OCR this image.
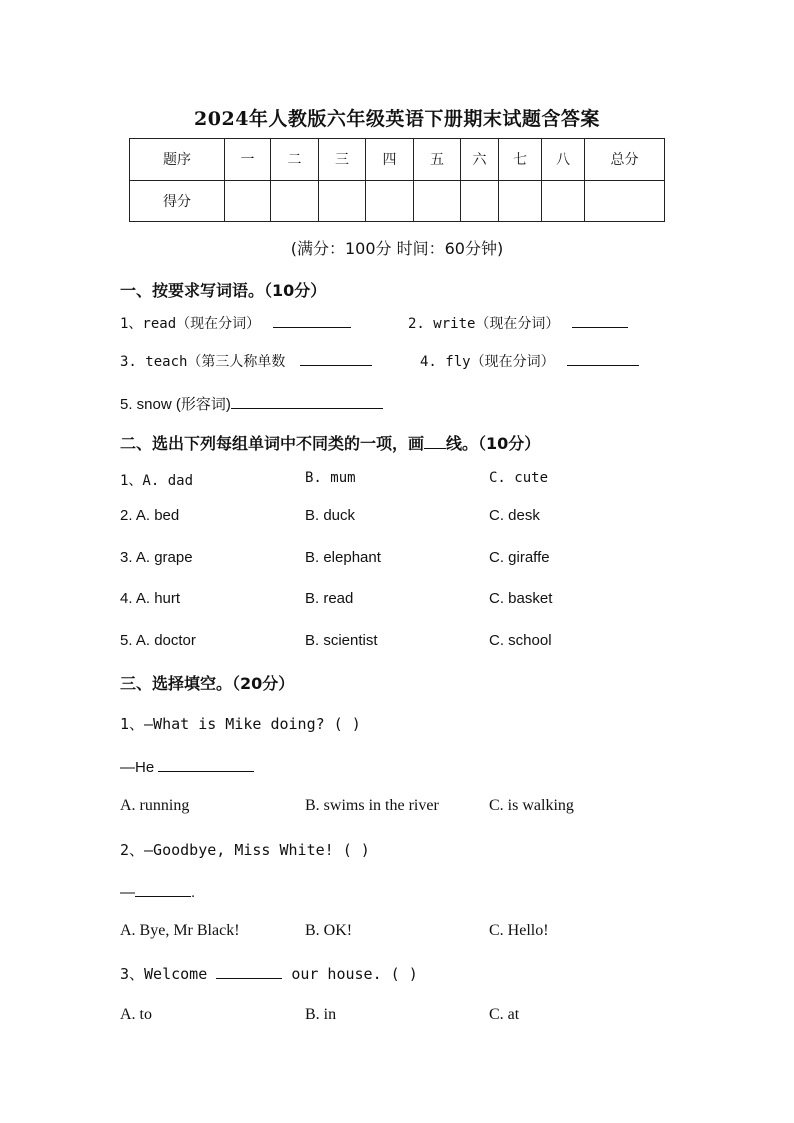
2024年人教版六年级英语下册期末试题含答案
题序	一	二	三	四	五	六	七	八	总分
得分									
(满分：100分 时间：60分钟)
一、按要求写词语。（10分）
1、read（现在分词）	2. write（现在分词）
3. teach（第三人称单数	4. fly（现在分词）
5. snow (形容词)
二、选出下列每组单词中不同类的一项，画 线。（10分）
1、A. dad	B. mum	C. cute
2. A. bed	B. duck	C. desk
3. A. grape	B. elephant	C. giraffe
4. A. hurt	B. read	C. basket
5. A. doctor	B. scientist	C. school
三、选择填空。（20分）
1、—What is Mike doing? ( )
—He
A. running	B. swims in the river	C. is walking
2、—Goodbye, Miss White! ( )
—	.
A. Bye, Mr Black!	B. OK!	C. Hello!
3、Welcome	our house. ( )
A. to	B. in	C. at
